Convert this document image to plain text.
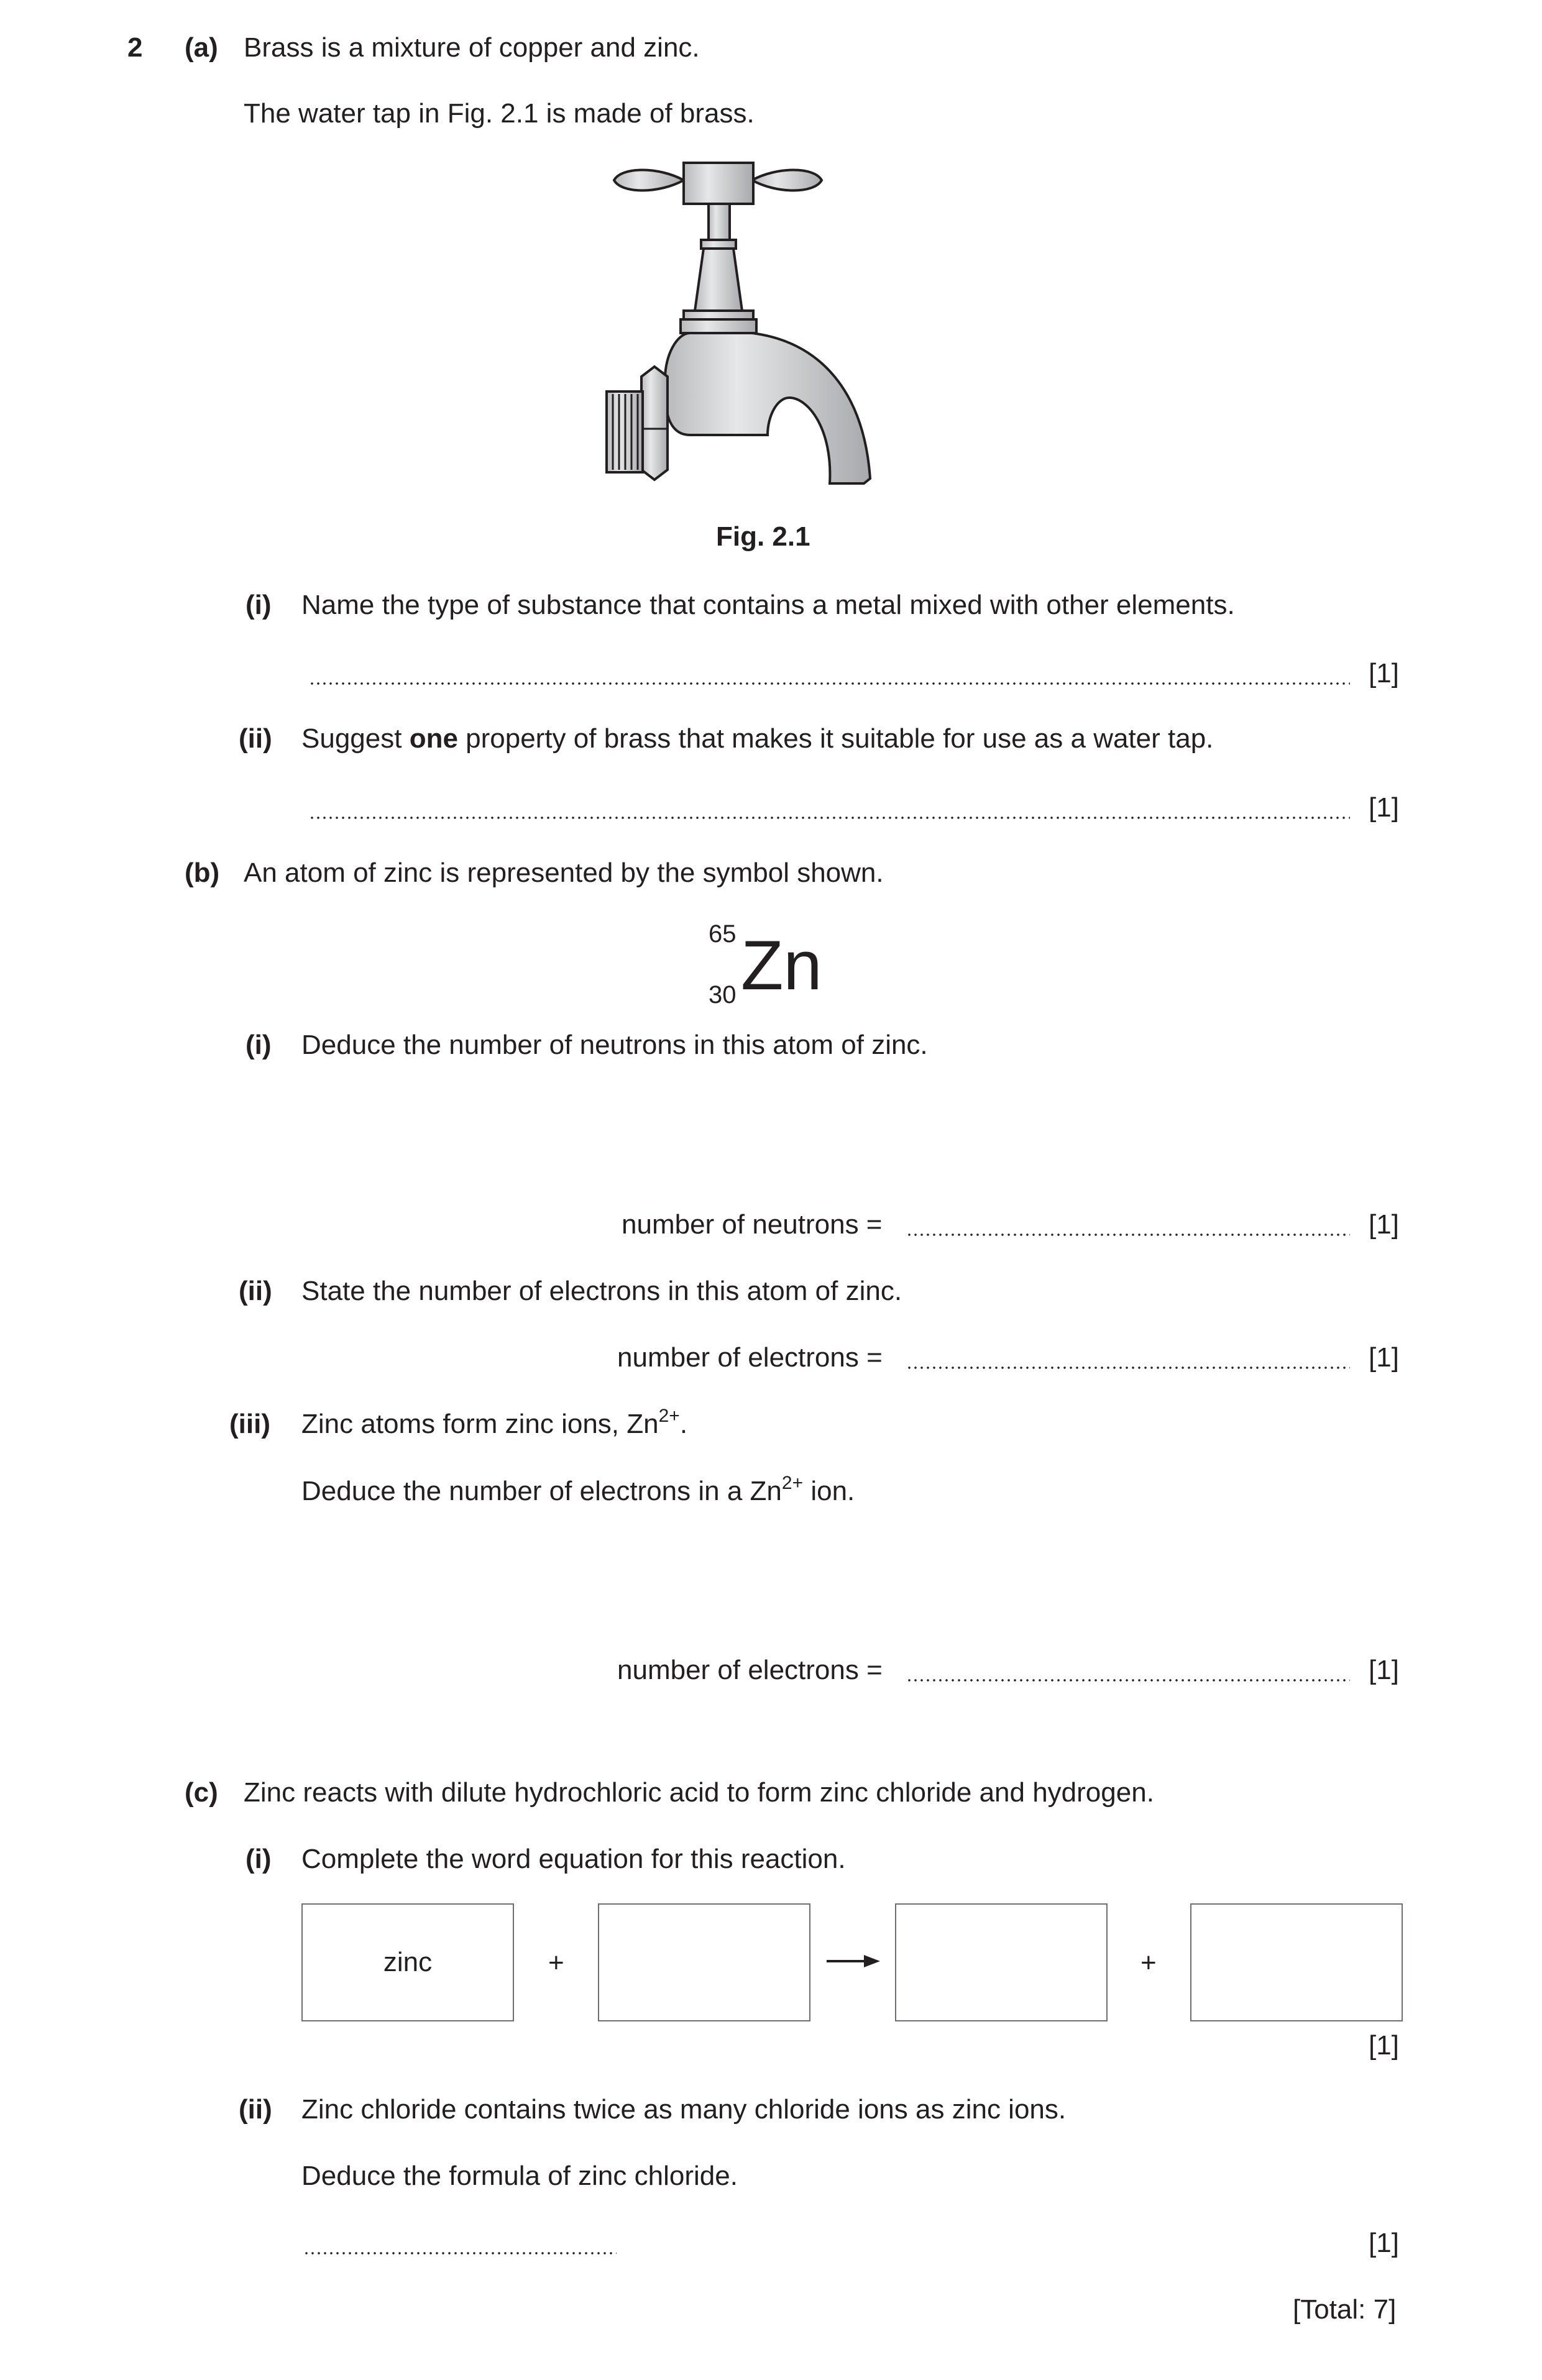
2 (a) Brass is a mixture of copper and zinc.
The water tap in Fig. 2.1 is made of brass.
Fig. 2.1
(i) Name the type of substance that contains a metal mixed with other elements.
[1]
(ii) Suggest one property of brass that makes it suitable for use as a water tap.
[1]
(b) An atom of zinc is represented by the symbol shown.
65
30 Zn
(i) Deduce the number of neutrons in this atom of zinc.
number of neutrons =	[1]
(ii) State the number of electrons in this atom of zinc.
number of electrons =	[1]
(iii) Zinc atoms form zinc ions, $Zn^{2+}$.
Deduce the number of electrons in a $Zn^{2+}$ ion.
number of electrons =	[1]
(c) Zinc reacts with dilute hydrochloric acid to form zinc chloride and hydrogen.
(i) Complete the word equation for this reaction.
zinc	+	+
[1]
(ii) Zinc chloride contains twice as many chloride ions as zinc ions.
Deduce the formula of zinc chloride.
[1]
[Total: 7]
